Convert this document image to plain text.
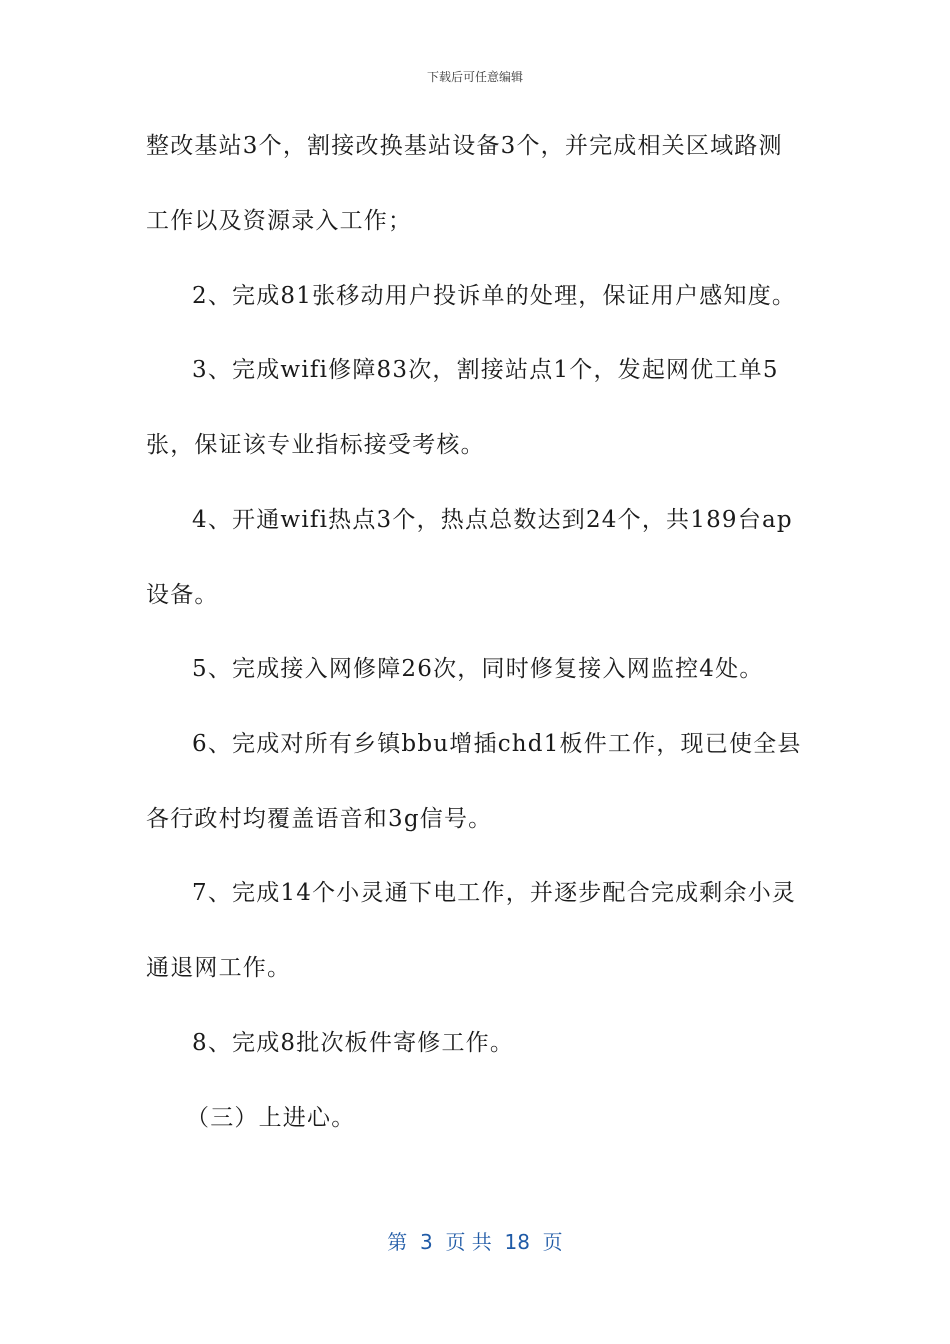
下载后可任意编辑
整改基站3个，割接改换基站设备3个，并完成相关区域路测
工作以及资源录入工作；
2、完成81张移动用户投诉单的处理，保证用户感知度。
3、完成wifi修障83次，割接站点1个，发起网优工单5
张，保证该专业指标接受考核。
4、开通wifi热点3个，热点总数达到24个，共189台ap
设备。
5、完成接入网修障26次，同时修复接入网监控4处。
6、完成对所有乡镇bbu增插chd1板件工作，现已使全县
各行政村均覆盖语音和3g信号。
7、完成14个小灵通下电工作，并逐步配合完成剩余小灵
通退网工作。
8、完成8批次板件寄修工作。
（三）上进心。
第  3  页 共  18  页
